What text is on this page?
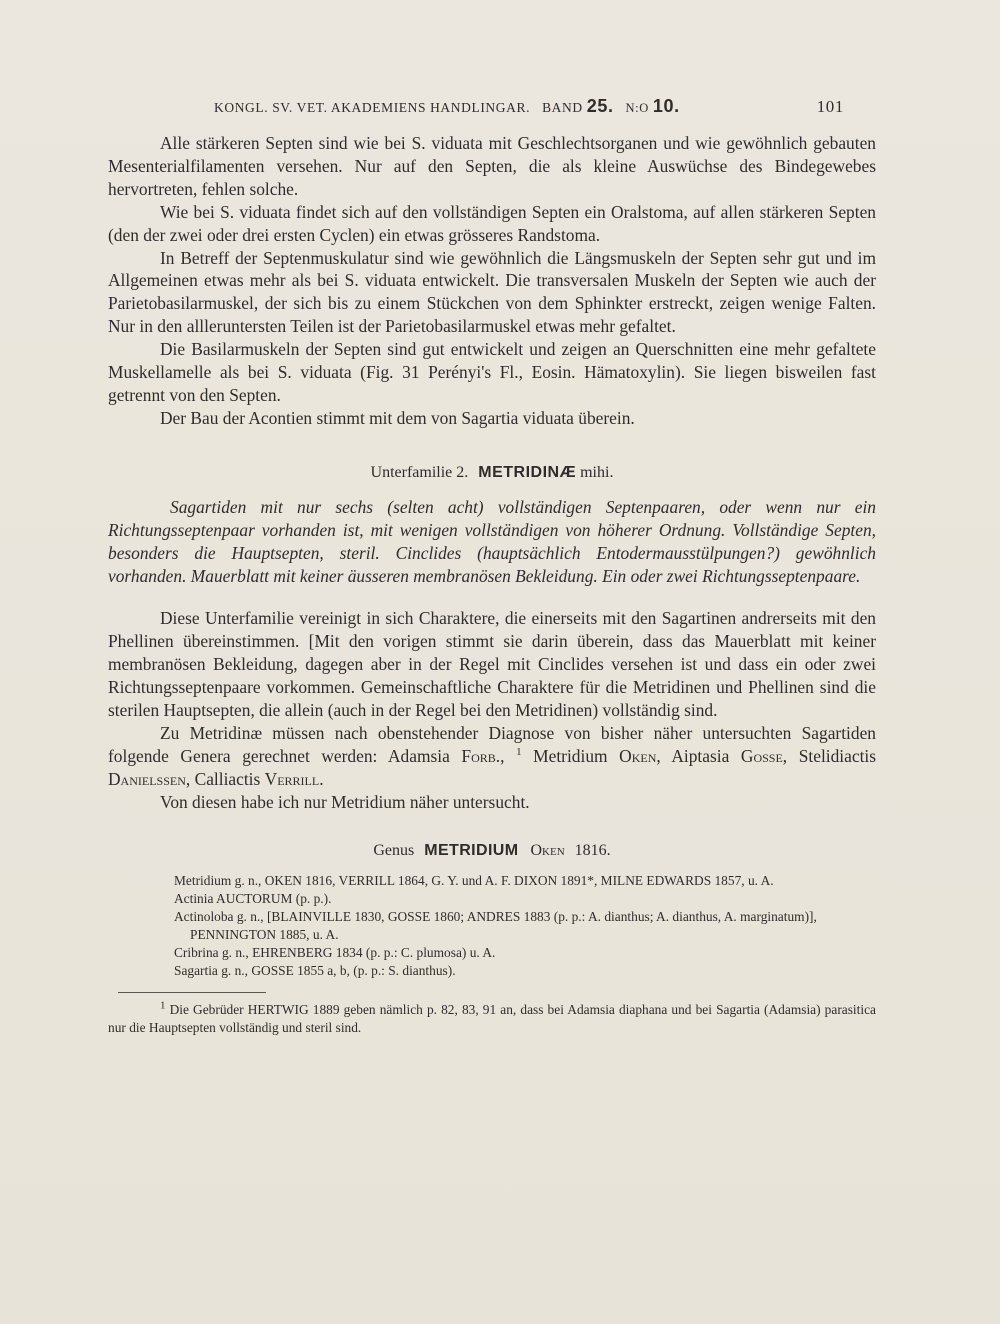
KONGL. SV. VET. AKADEMIENS HANDLINGAR. BAND 25. N:O 10.	101

Alle stärkeren Septen sind wie bei S. viduata mit Geschlechtsorganen und wie gewöhnlich gebauten Mesenterialfilamenten versehen. Nur auf den Septen, die als kleine Auswüchse des Bindegewebes hervortreten, fehlen solche.

Wie bei S. viduata findet sich auf den vollständigen Septen ein Oralstoma, auf allen stärkeren Septen (den der zwei oder drei ersten Cyclen) ein etwas grösseres Randstoma.

In Betreff der Septenmuskulatur sind wie gewöhnlich die Längsmuskeln der Septen sehr gut und im Allgemeinen etwas mehr als bei S. viduata entwickelt. Die transversalen Muskeln der Septen wie auch der Parietobasilarmuskel, der sich bis zu einem Stückchen von dem Sphinkter erstreckt, zeigen wenige Falten. Nur in den allleruntersten Teilen ist der Parietobasilarmuskel etwas mehr gefaltet.

Die Basilarmuskeln der Septen sind gut entwickelt und zeigen an Querschnitten eine mehr gefaltete Muskellamelle als bei S. viduata (Fig. 31 Perényi's Fl., Eosin. Hämatoxylin). Sie liegen bisweilen fast getrennt von den Septen.

Der Bau der Acontien stimmt mit dem von Sagartia viduata überein.

Unterfamilie 2. METRIDINÆ mihi.

Sagartiden mit nur sechs (selten acht) vollständigen Septenpaaren, oder wenn nur ein Richtungsseptenpaar vorhanden ist, mit wenigen vollständigen von höherer Ordnung. Vollständige Septen, besonders die Hauptsepten, steril. Cinclides (hauptsächlich Entodermausstülpungen?) gewöhnlich vorhanden. Mauerblatt mit keiner äusseren membranösen Bekleidung. Ein oder zwei Richtungsseptenpaare.

Diese Unterfamilie vereinigt in sich Charaktere, die einerseits mit den Sagartinen andrerseits mit den Phellinen übereinstimmen. [Mit den vorigen stimmt sie darin überein, dass das Mauerblatt mit keiner membranösen Bekleidung, dagegen aber in der Regel mit Cinclides versehen ist und dass ein oder zwei Richtungsseptenpaare vorkommen. Gemeinschaftliche Charaktere für die Metridinen und Phellinen sind die sterilen Hauptsepten, die allein (auch in der Regel bei den Metridinen) vollständig sind.

Zu Metridinæ müssen nach obenstehender Diagnose von bisher näher untersuchten Sagartiden folgende Genera gerechnet werden: Adamsia Forb., $^1$ Metridium Oken, Aiptasia Gosse, Stelidiactis Danielssen, Calliactis Verrill.

Von diesen habe ich nur Metridium näher untersucht.

Genus METRIDIUM Oken 1816.
Metridium g. n., OKEN 1816, VERRILL 1864, G. Y. und A. F. DIXON 1891*, MILNE EDWARDS 1857, u. A.
Actinia AUCTORUM (p. p.).
Actinoloba g. n., [BLAINVILLE 1830, GOSSE 1860; ANDRES 1883 (p. p.: A. dianthus; A. dianthus, A. marginatum)], PENNINGTON 1885, u. A.
Cribrina g. n., EHRENBERG 1834 (p. p.: C. plumosa) u. A.
Sagartia g. n., GOSSE 1855 a, b, (p. p.: S. dianthus).
$^1$ Die Gebrüder HERTWIG 1889 geben nämlich p. 82, 83, 91 an, dass bei Adamsia diaphana und bei Sagartia (Adamsia) parasitica nur die Hauptsepten vollständig und steril sind.
